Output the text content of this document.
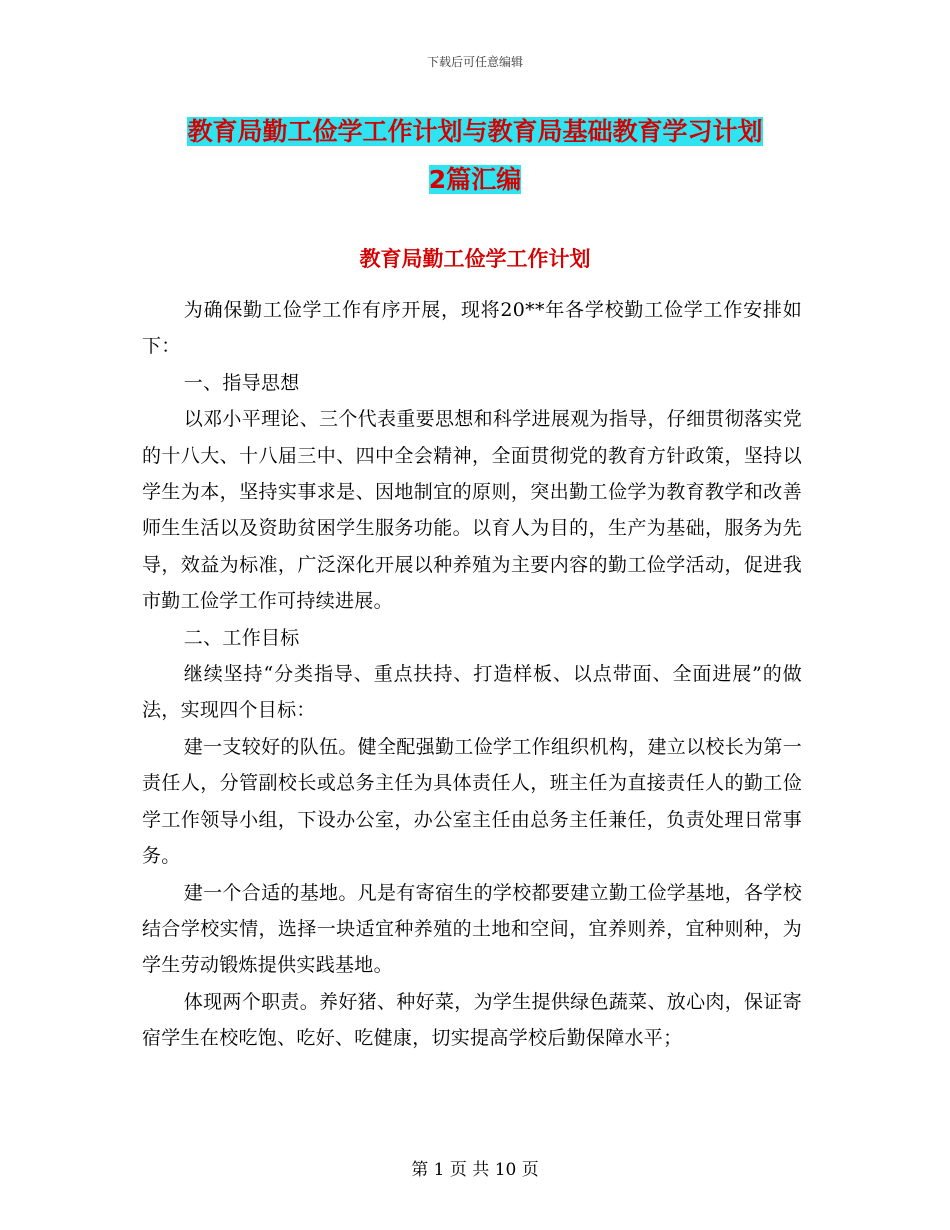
下载后可任意编辑
教育局勤工俭学工作计划与教育局基础教育学习计划
2篇汇编
教育局勤工俭学工作计划

为确保勤工俭学工作有序开展，现将20**年各学校勤工俭学工作安排如下：

一、指导思想

以邓小平理论、三个代表重要思想和科学进展观为指导，仔细贯彻落实党的十八大、十八届三中、四中全会精神，全面贯彻党的教育方针政策，坚持以学生为本，坚持实事求是、因地制宜的原则，突出勤工俭学为教育教学和改善师生生活以及资助贫困学生服务功能。以育人为目的，生产为基础，服务为先导，效益为标准，广泛深化开展以种养殖为主要内容的勤工俭学活动，促进我市勤工俭学工作可持续进展。

二、工作目标

继续坚持“分类指导、重点扶持、打造样板、以点带面、全面进展”的做法，实现四个目标：

建一支较好的队伍。健全配强勤工俭学工作组织机构，建立以校长为第一责任人，分管副校长或总务主任为具体责任人，班主任为直接责任人的勤工俭学工作领导小组，下设办公室，办公室主任由总务主任兼任，负责处理日常事务。

建一个合适的基地。凡是有寄宿生的学校都要建立勤工俭学基地，各学校结合学校实情，选择一块适宜种养殖的土地和空间，宜养则养，宜种则种，为学生劳动锻炼提供实践基地。

体现两个职责。养好猪、种好菜，为学生提供绿色蔬菜、放心肉，保证寄宿学生在校吃饱、吃好、吃健康，切实提高学校后勤保障水平；

第 1 页 共 10 页
